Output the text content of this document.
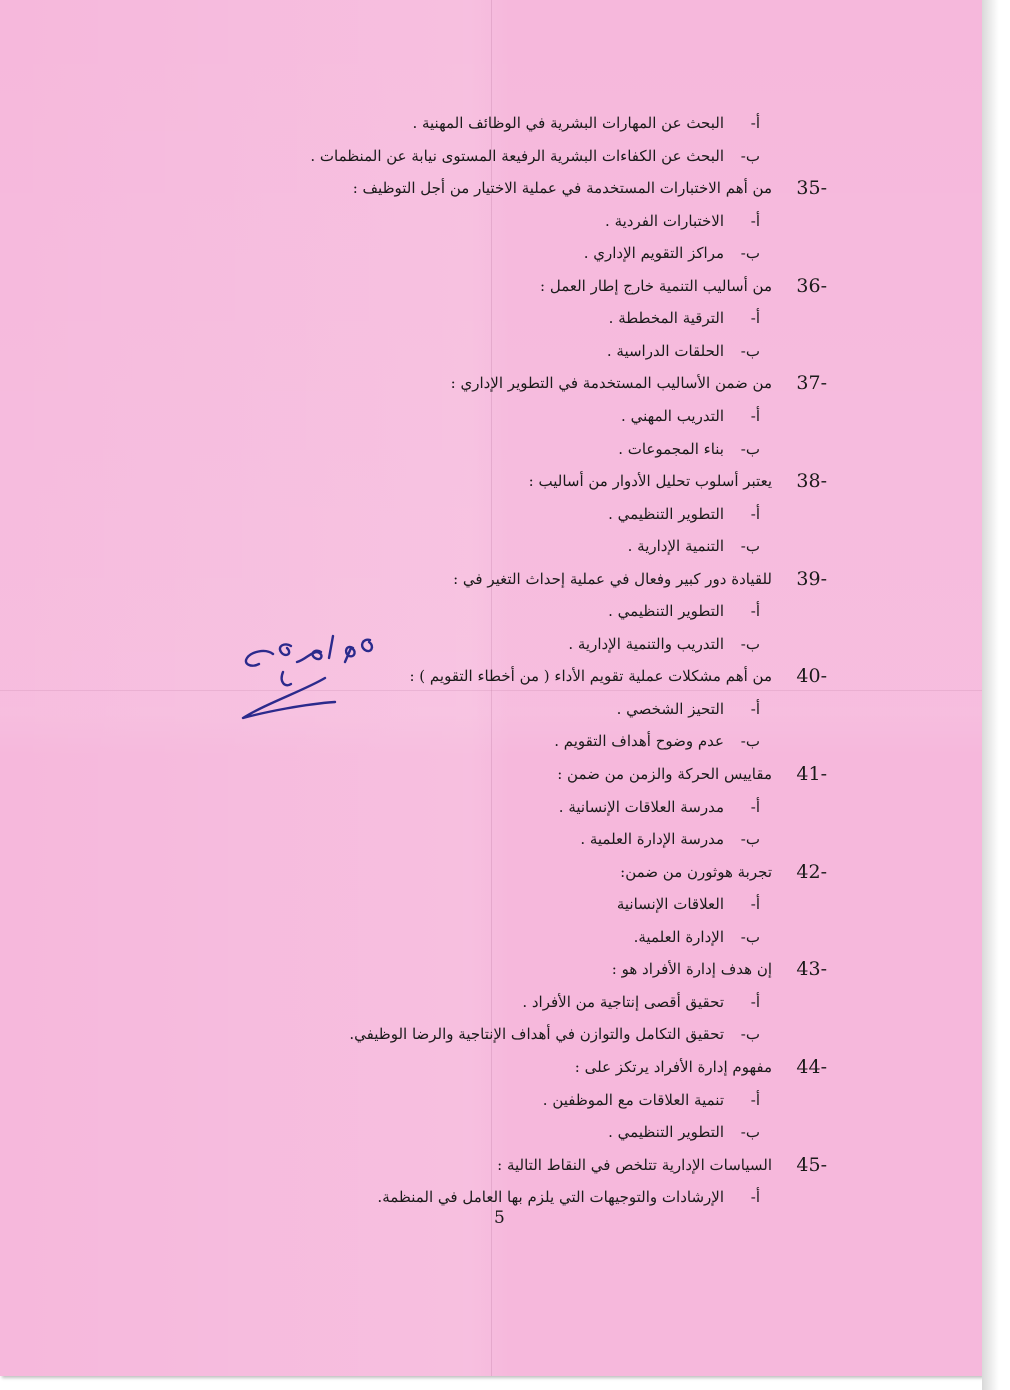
أ-
البحث عن المهارات البشرية في الوظائف المهنية .
ب-
البحث عن الكفاءات البشرية الرفيعة المستوى نيابة عن المنظمات .
35-
من أهم الاختبارات المستخدمة في عملية الاختيار من أجل التوظيف :
أ-
الاختبارات الفردية .
ب-
مراكز التقويم الإداري .
36-
من أساليب التنمية خارج إطار العمل :
أ-
الترقية المخططة .
ب-
الحلقات الدراسية .
37-
من ضمن الأساليب المستخدمة في التطوير الإداري :
أ-
التدريب المهني .
ب-
بناء المجموعات .
38-
يعتبر أسلوب تحليل الأدوار من أساليب :
أ-
التطوير التنظيمي .
ب-
التنمية الإدارية .
39-
للقيادة دور كبير وفعال في عملية إحداث التغير في :
أ-
التطوير التنظيمي .
ب-
التدريب والتنمية الإدارية .
40-
من أهم مشكلات عملية تقويم الأداء ( من أخطاء التقويم ) :
أ-
التحيز الشخصي .
ب-
عدم وضوح أهداف التقويم .
41-
مقاييس الحركة والزمن من ضمن :
أ-
مدرسة العلاقات الإنسانية .
ب-
مدرسة الإدارة العلمية .
42-
تجربة هوثورن من ضمن:
أ-
العلاقات الإنسانية
ب-
الإدارة العلمية.
43-
إن هدف إدارة الأفراد هو :
أ-
تحقيق أقصى إنتاجية من الأفراد .
ب-
تحقيق التكامل والتوازن في أهداف الإنتاجية والرضا الوظيفي.
44-
مفهوم إدارة الأفراد يرتكز على :
أ-
تنمية العلاقات مع الموظفين .
ب-
التطوير التنظيمي .
45-
السياسات الإدارية تتلخص في النقاط التالية :
أ-
الإرشادات والتوجيهات التي يلزم بها العامل في المنظمة.
5
